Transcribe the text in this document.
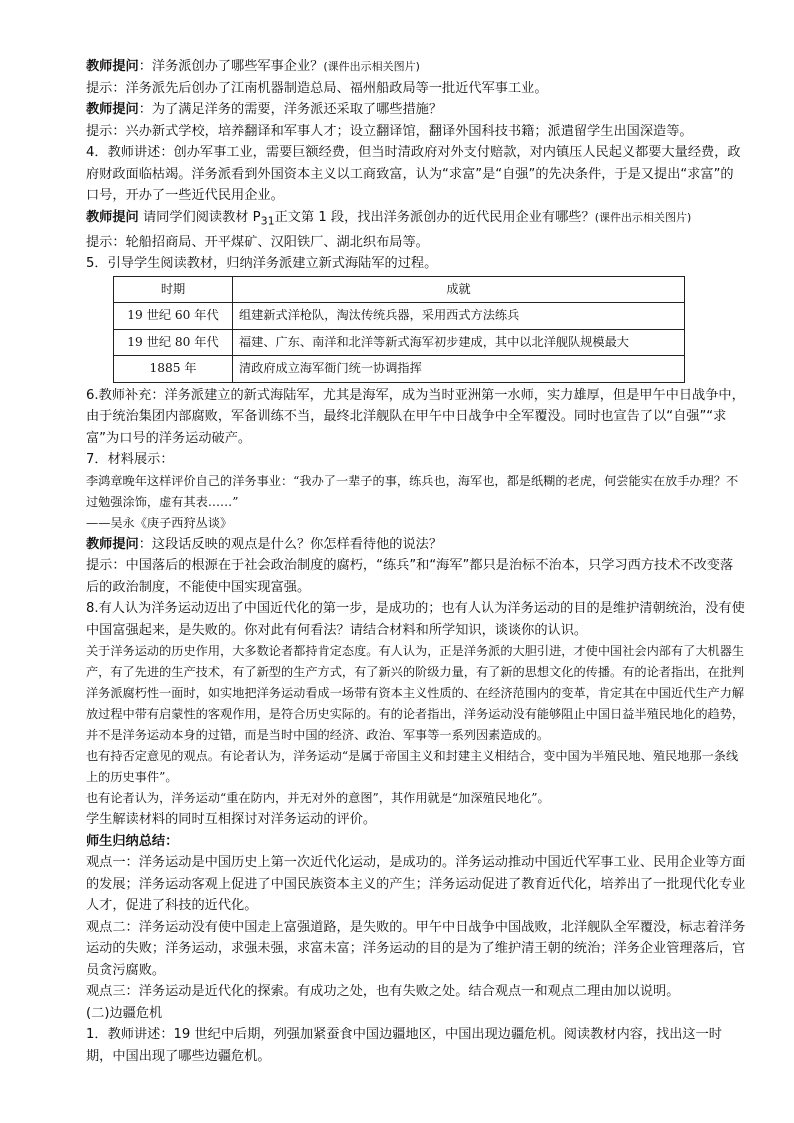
教师提问：洋务派创办了哪些军事企业？(课件出示相关图片)

提示：洋务派先后创办了江南机器制造总局、福州船政局等一批近代军事工业。

教师提问：为了满足洋务的需要，洋务派还采取了哪些措施？

提示：兴办新式学校，培养翻译和军事人才；设立翻译馆，翻译外国科技书籍；派遣留学生出国深造等。

4．教师讲述：创办军事工业，需要巨额经费，但当时清政府对外支付赔款，对内镇压人民起义都要大量经费，政府财政面临枯竭。洋务派看到外国资本主义以工商致富，认为“求富”是“自强”的先决条件，于是又提出“求富”的口号，开办了一些近代民用企业。

教师提问 请同学们阅读教材 $P_{31}$正文第 1 段，找出洋务派创办的近代民用企业有哪些？(课件出示相关图片)

提示：轮船招商局、开平煤矿、汉阳铁厂、湖北织布局等。

5．引导学生阅读教材，归纳洋务派建立新式海陆军的过程。

时期	成就
19 世纪 60 年代	组建新式洋枪队，淘汰传统兵器，采用西式方法练兵
19 世纪 80 年代	福建、广东、南洋和北洋等新式海军初步建成，其中以北洋舰队规模最大
1885 年	清政府成立海军衙门统一协调指挥

6.教师补充：洋务派建立的新式海陆军，尤其是海军，成为当时亚洲第一水师，实力雄厚，但是甲午中日战争中，由于统治集团内部腐败，军备训练不当，最终北洋舰队在甲午中日战争中全军覆没。同时也宣告了以“自强”“求富”为口号的洋务运动破产。

7．材料展示：

李鸿章晚年这样评价自己的洋务事业：“我办了一辈子的事，练兵也，海军也，都是纸糊的老虎，何尝能实在放手办理？不过勉强涂饰，虚有其表……”

——吴永《庚子西狩丛谈》

教师提问：这段话反映的观点是什么？你怎样看待他的说法？

提示：中国落后的根源在于社会政治制度的腐朽，“练兵”和“海军”都只是治标不治本，只学习西方技术不改变落后的政治制度，不能使中国实现富强。

8.有人认为洋务运动迈出了中国近代化的第一步，是成功的；也有人认为洋务运动的目的是维护清朝统治，没有使中国富强起来，是失败的。你对此有何看法？请结合材料和所学知识，谈谈你的认识。

关于洋务运动的历史作用，大多数论者都持肯定态度。有人认为，正是洋务派的大胆引进，才使中国社会内部有了大机器生产，有了先进的生产技术，有了新型的生产方式，有了新兴的阶级力量，有了新的思想文化的传播。有的论者指出，在批判洋务派腐朽性一面时，如实地把洋务运动看成一场带有资本主义性质的、在经济范围内的变革，肯定其在中国近代生产力解放过程中带有启蒙性的客观作用，是符合历史实际的。有的论者指出，洋务运动没有能够阻止中国日益半殖民地化的趋势，并不是洋务运动本身的过错，而是当时中国的经济、政治、军事等一系列因素造成的。

也有持否定意见的观点。有论者认为，洋务运动“是属于帝国主义和封建主义相结合，变中国为半殖民地、殖民地那一条线上的历史事件”。

也有论者认为，洋务运动“重在防内，并无对外的意图”，其作用就是“加深殖民地化”。

学生解读材料的同时互相探讨对洋务运动的评价。

师生归纳总结：

观点一：洋务运动是中国历史上第一次近代化运动，是成功的。洋务运动推动中国近代军事工业、民用企业等方面的发展；洋务运动客观上促进了中国民族资本主义的产生；洋务运动促进了教育近代化，培养出了一批现代化专业人才，促进了科技的近代化。

观点二：洋务运动没有使中国走上富强道路，是失败的。甲午中日战争中国战败，北洋舰队全军覆没，标志着洋务运动的失败；洋务运动，求强未强，求富未富；洋务运动的目的是为了维护清王朝的统治；洋务企业管理落后，官员贪污腐败。

观点三：洋务运动是近代化的探索。有成功之处，也有失败之处。结合观点一和观点二理由加以说明。

(二)边疆危机

1．教师讲述：19 世纪中后期，列强加紧蚕食中国边疆地区，中国出现边疆危机。阅读教材内容，找出这一时期，中国出现了哪些边疆危机。
